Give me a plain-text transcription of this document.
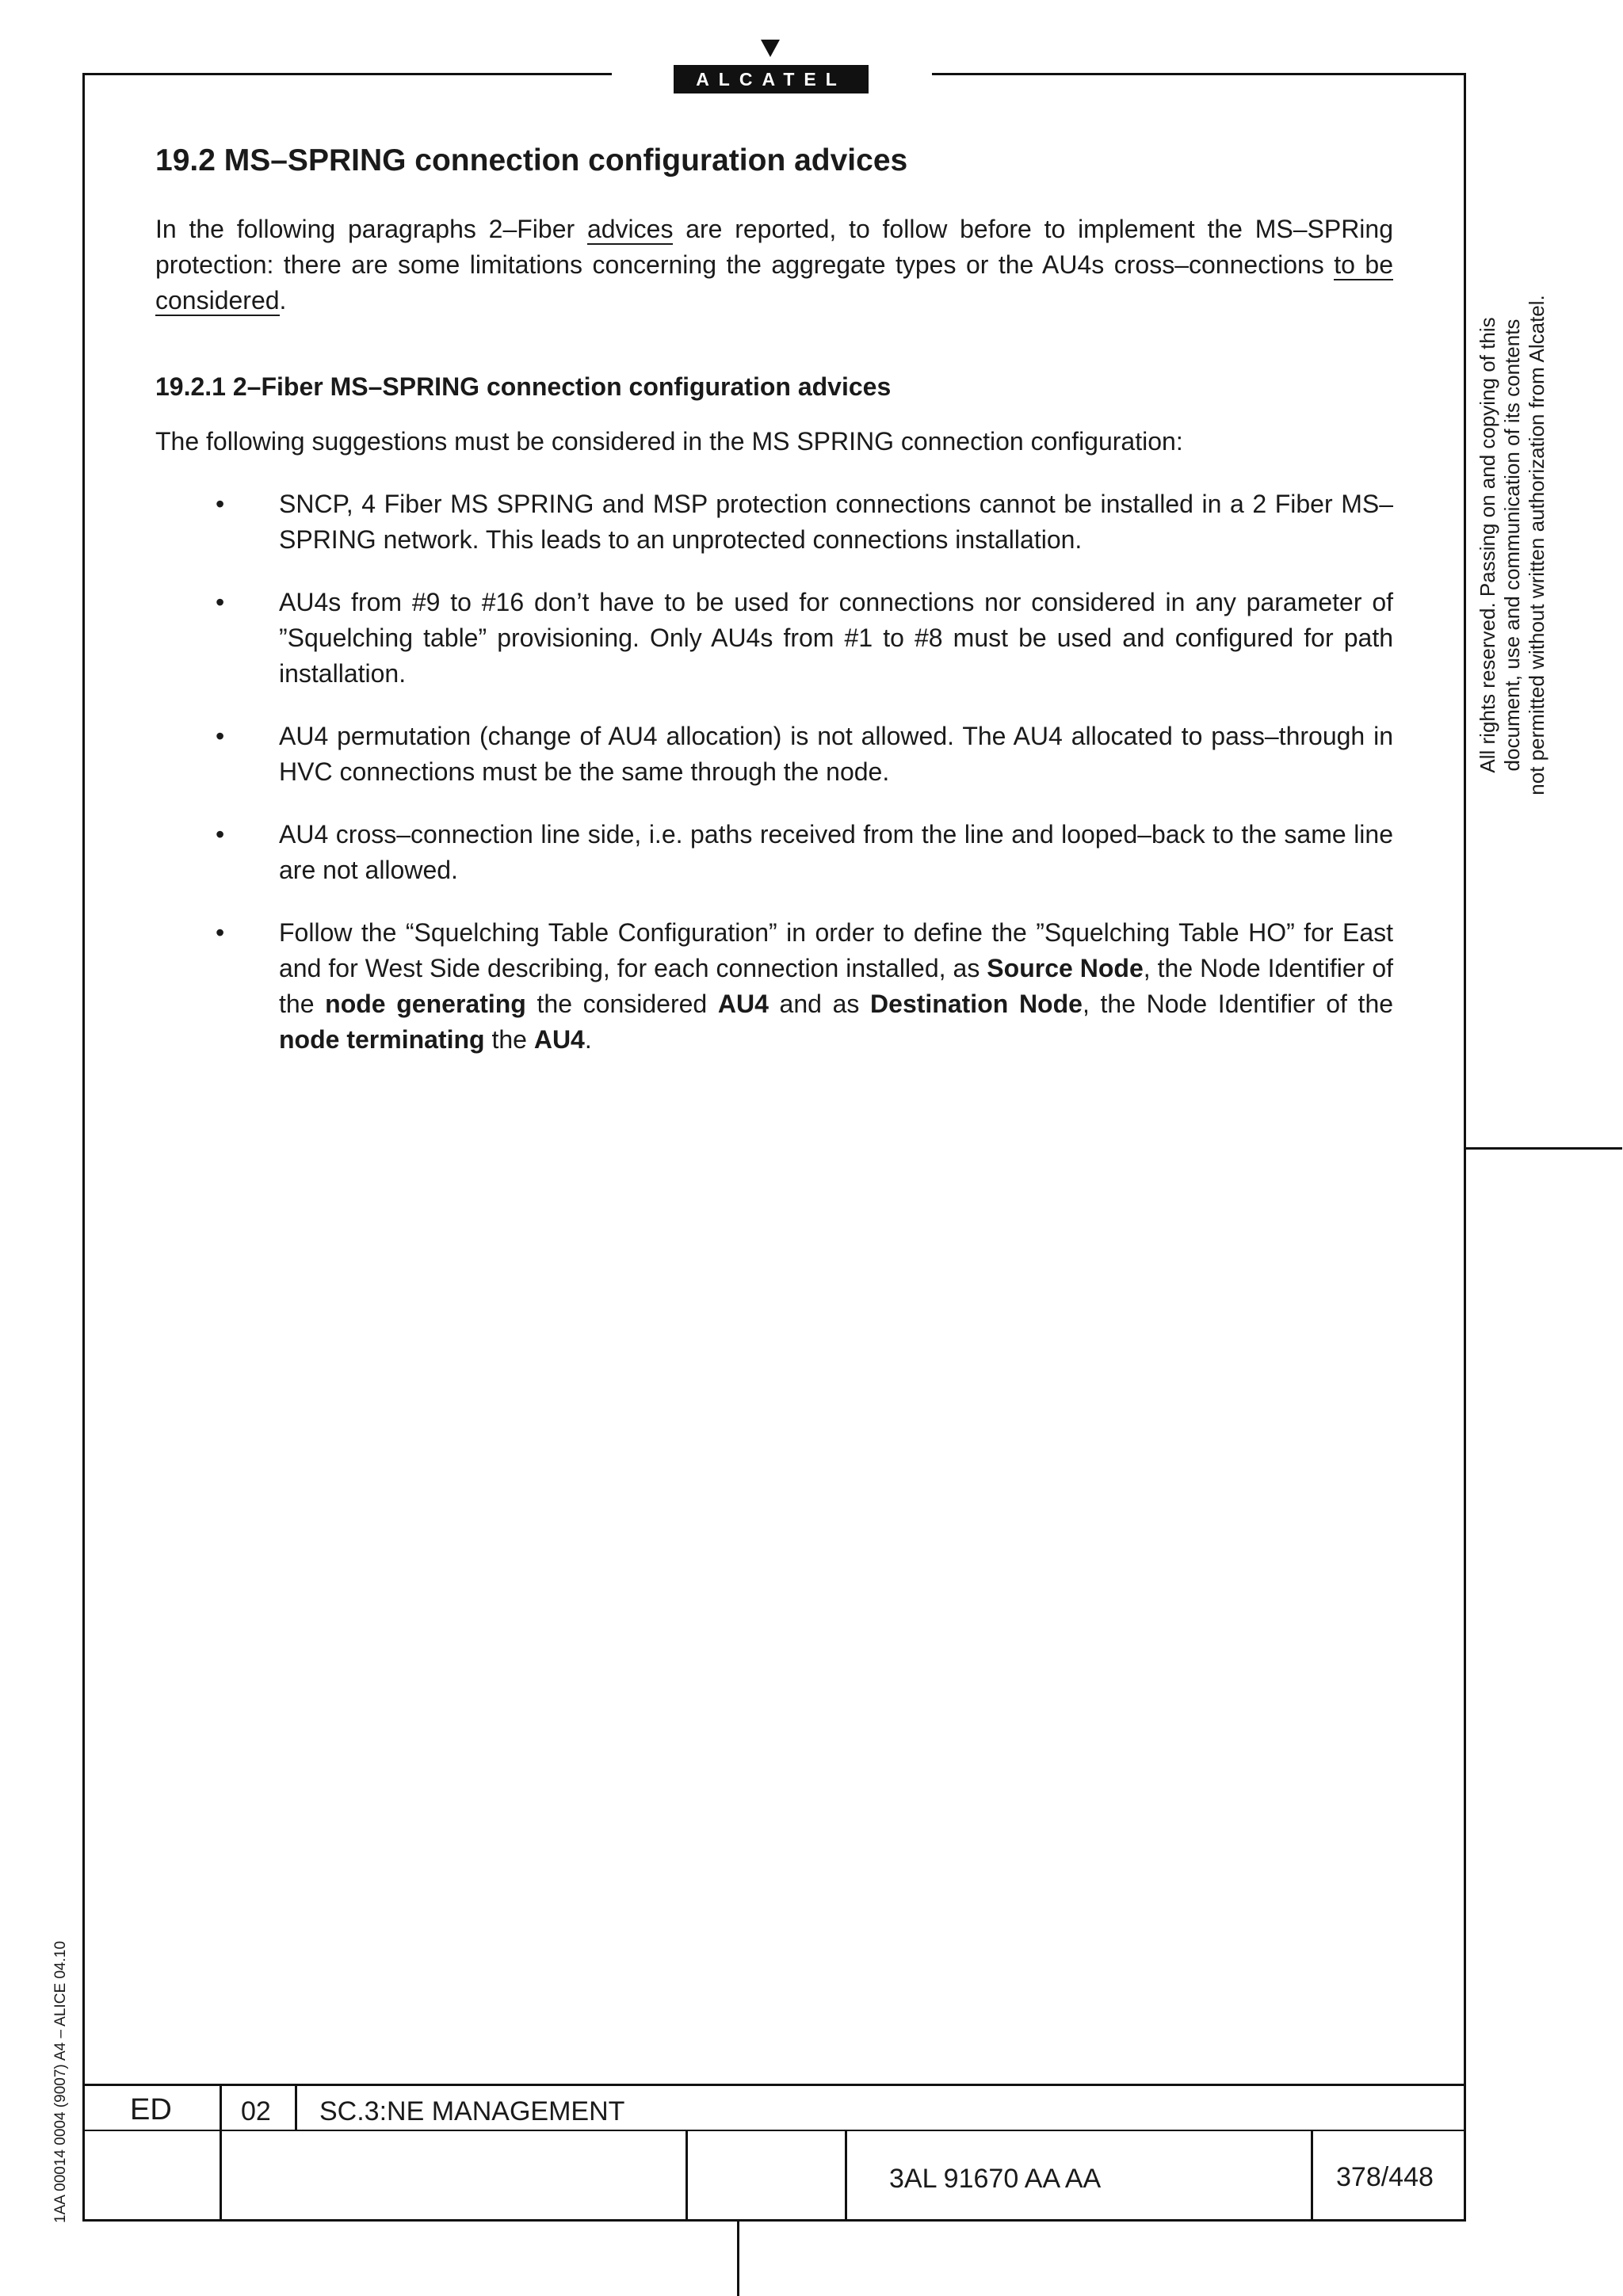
ALCATEL
19.2 MS–SPRING connection configuration advices

In the following paragraphs 2–Fiber advices are reported, to follow before to implement the MS–SPRing protection: there are some limitations concerning the aggregate types or the AU4s cross–connections to be considered.

19.2.1 2–Fiber MS–SPRING connection configuration advices

The following suggestions must be considered in the MS SPRING connection configuration:

• SNCP, 4 Fiber MS SPRING and MSP protection connections cannot be installed in a 2 Fiber MS–SPRING network. This leads to an unprotected connections installation.
• AU4s from #9 to #16 don’t have to be used for connections nor considered in any parameter of ”Squelching table” provisioning. Only AU4s from #1 to #8 must be used and configured for path installation.
• AU4 permutation (change of AU4 allocation) is not allowed. The AU4 allocated to pass–through in HVC connections must be the same through the node.
• AU4 cross–connection line side, i.e. paths received from the line and looped–back to the same line are not allowed.
• Follow the “Squelching Table Configuration” in order to define the ”Squelching Table HO” for East and for West Side describing, for each connection installed, as Source Node, the Node Identifier of the node generating the considered AU4 and as Destination Node, the Node Identifier of the node terminating the AU4.
All rights reserved. Passing on and copying of this document, use and communication of its contents not permitted without written authorization from Alcatel.
1AA 00014 0004 (9007) A4 – ALICE 04.10 ED	02 SC.3:NE MANAGEMENT
3AL 91670 AA AA	378/448
